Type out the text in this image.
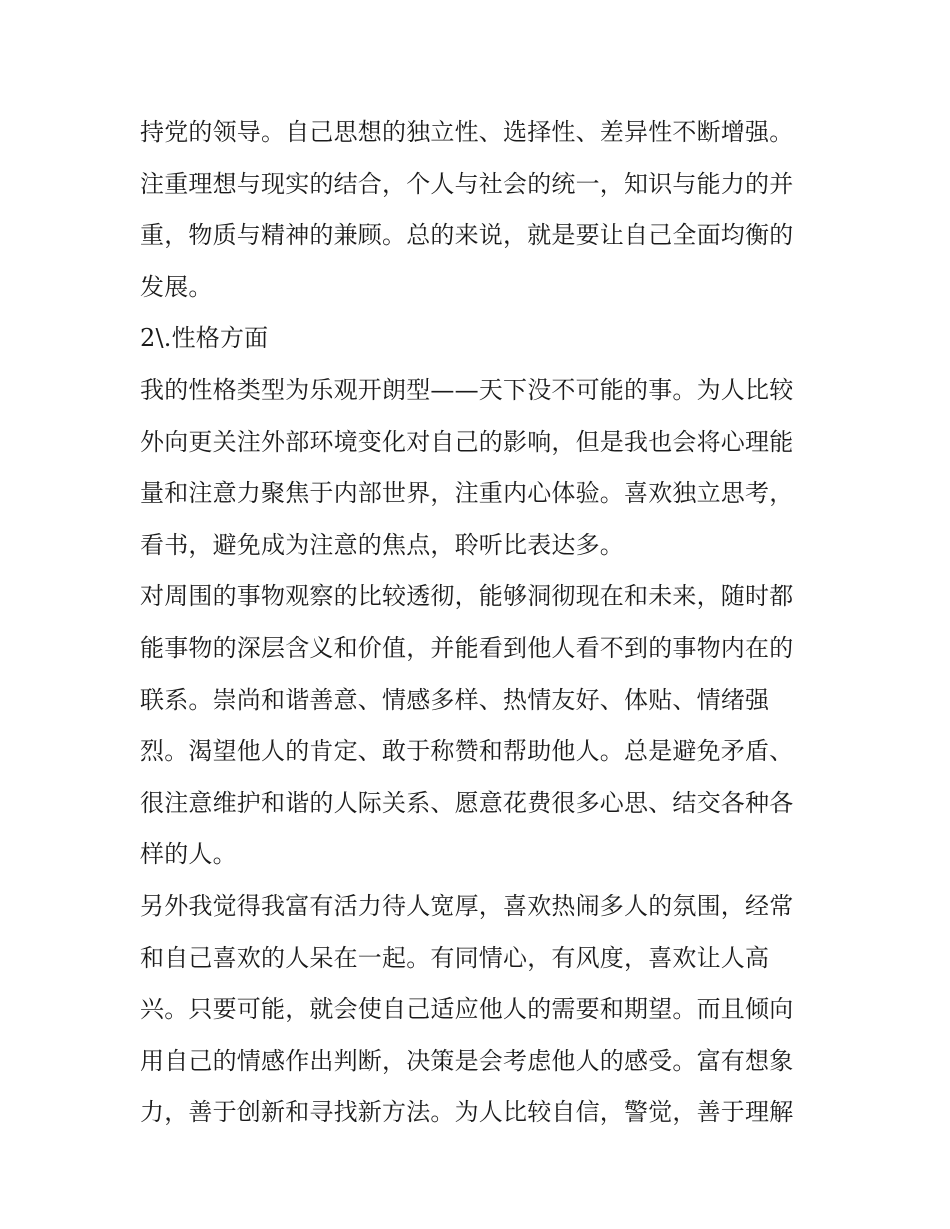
持党的领导。自己思想的独立性、选择性、差异性不断增强。
注重理想与现实的结合，个人与社会的统一，知识与能力的并
重，物质与精神的兼顾。总的来说，就是要让自己全面均衡的
发展。
2\.性格方面
我的性格类型为乐观开朗型——天下没不可能的事。为人比较
外向更关注外部环境变化对自己的影响，但是我也会将心理能
量和注意力聚焦于内部世界，注重内心体验。喜欢独立思考，
看书，避免成为注意的焦点，聆听比表达多。
对周围的事物观察的比较透彻，能够洞彻现在和未来，随时都
能事物的深层含义和价值，并能看到他人看不到的事物内在的
联系。崇尚和谐善意、情感多样、热情友好、体贴、情绪强
烈。渴望他人的肯定、敢于称赞和帮助他人。总是避免矛盾、
很注意维护和谐的人际关系、愿意花费很多心思、结交各种各
样的人。
另外我觉得我富有活力待人宽厚，喜欢热闹多人的氛围，经常
和自己喜欢的人呆在一起。有同情心，有风度，喜欢让人高
兴。只要可能，就会使自己适应他人的需要和期望。而且倾向
用自己的情感作出判断，决策是会考虑他人的感受。富有想象
力，善于创新和寻找新方法。为人比较自信，警觉，善于理解
